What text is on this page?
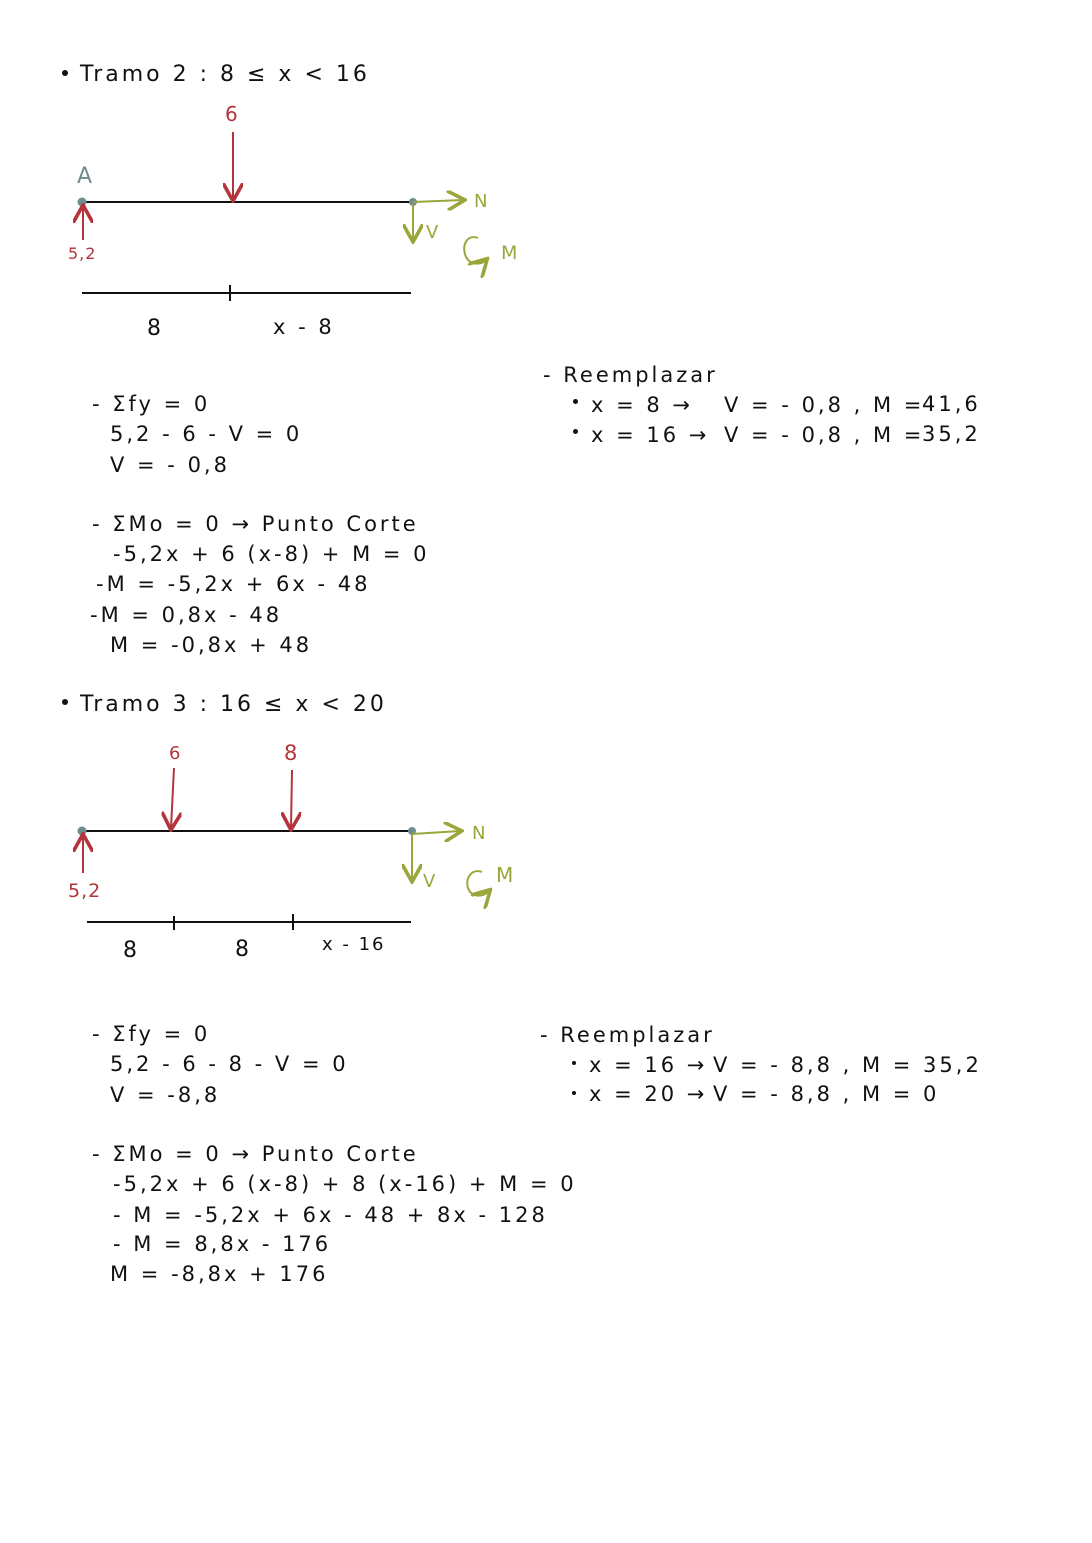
Tramo 2 : 8 ≤ x < 16
A
6
5,2
N
V
M
8	x - 8
- Σfy = 0
5,2 - 6 - V = 0
V = - 0,8
- ΣMo = 0 → Punto Corte
-5,2x + 6 (x-8) + M = 0
-M = -5,2x + 6x - 48
-M = 0,8x - 48
M = -0,8x + 48
- Reemplazar
x = 8 → V = - 0,8 , M =
41,6
x = 16 → V = - 0,8 , M =
35,2
Tramo 3 : 16 ≤ x < 20
6	8
5,2
N
V	M
8	8	x - 16
- Σfy = 0
5,2 - 6 - 8 - V = 0
V = -8,8
- ΣMo = 0 → Punto Corte
-5,2x + 6 (x-8) + 8 (x-16) + M = 0
- M = -5,2x + 6x - 48 + 8x - 128
- M = 8,8x - 176
M = -8,8x + 176
- Reemplazar
x = 16 → V = - 8,8 , M = 35,2
x = 20 → V = - 8,8 , M = 0
